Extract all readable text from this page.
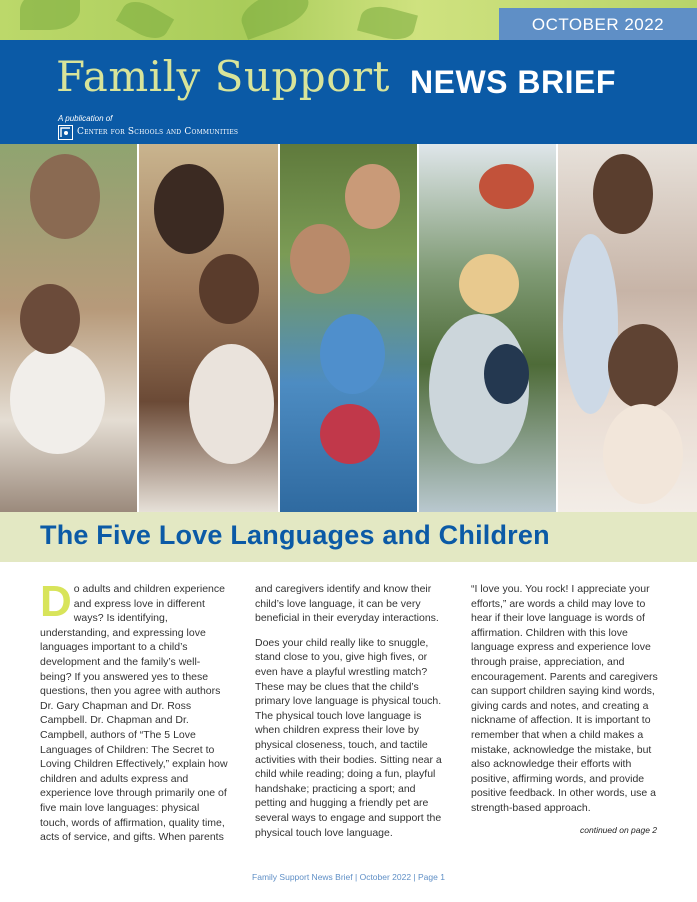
OCTOBER 2022
Family Support NEWS BRIEF
A publication of
Center for Schools and Communities
The Five Love Languages and Children

Do adults and children experience and express love in different ways? Is identifying, understanding, and expressing love languages important to a child’s development and the family’s well-being? If you answered yes to these questions, then you agree with authors Dr. Gary Chapman and Dr. Ross Campbell. Dr. Chapman and Dr. Campbell, authors of “The 5 Love Languages of Children: The Secret to Loving Children Effectively,” explain how children and adults express and experience love through primarily one of five main love languages: physical touch, words of affirmation, quality time, acts of service, and gifts. When parents

and caregivers identify and know their child’s love language, it can be very beneficial in their everyday interactions.

Does your child really like to snuggle, stand close to you, give high fives, or even have a playful wrestling match? These may be clues that the child’s primary love language is physical touch. The physical touch love language is when children express their love by physical closeness, touch, and tactile activities with their bodies. Sitting near a child while reading; doing a fun, playful handshake; practicing a sport; and petting and hugging a friendly pet are several ways to engage and support the physical touch love language.

“I love you. You rock! I appreciate your efforts,” are words a child may love to hear if their love language is words of affirmation. Children with this love language express and experience love through praise, appreciation, and encouragement. Parents and caregivers can support children saying kind words, giving cards and notes, and creating a nickname of affection. It is important to remember that when a child makes a mistake, acknowledge the mistake, but also acknowledge their efforts with positive, affirming words, and provide positive feedback. In other words, use a strength-based approach.

continued on page 2
Family Support News Brief | October 2022 | Page 1
